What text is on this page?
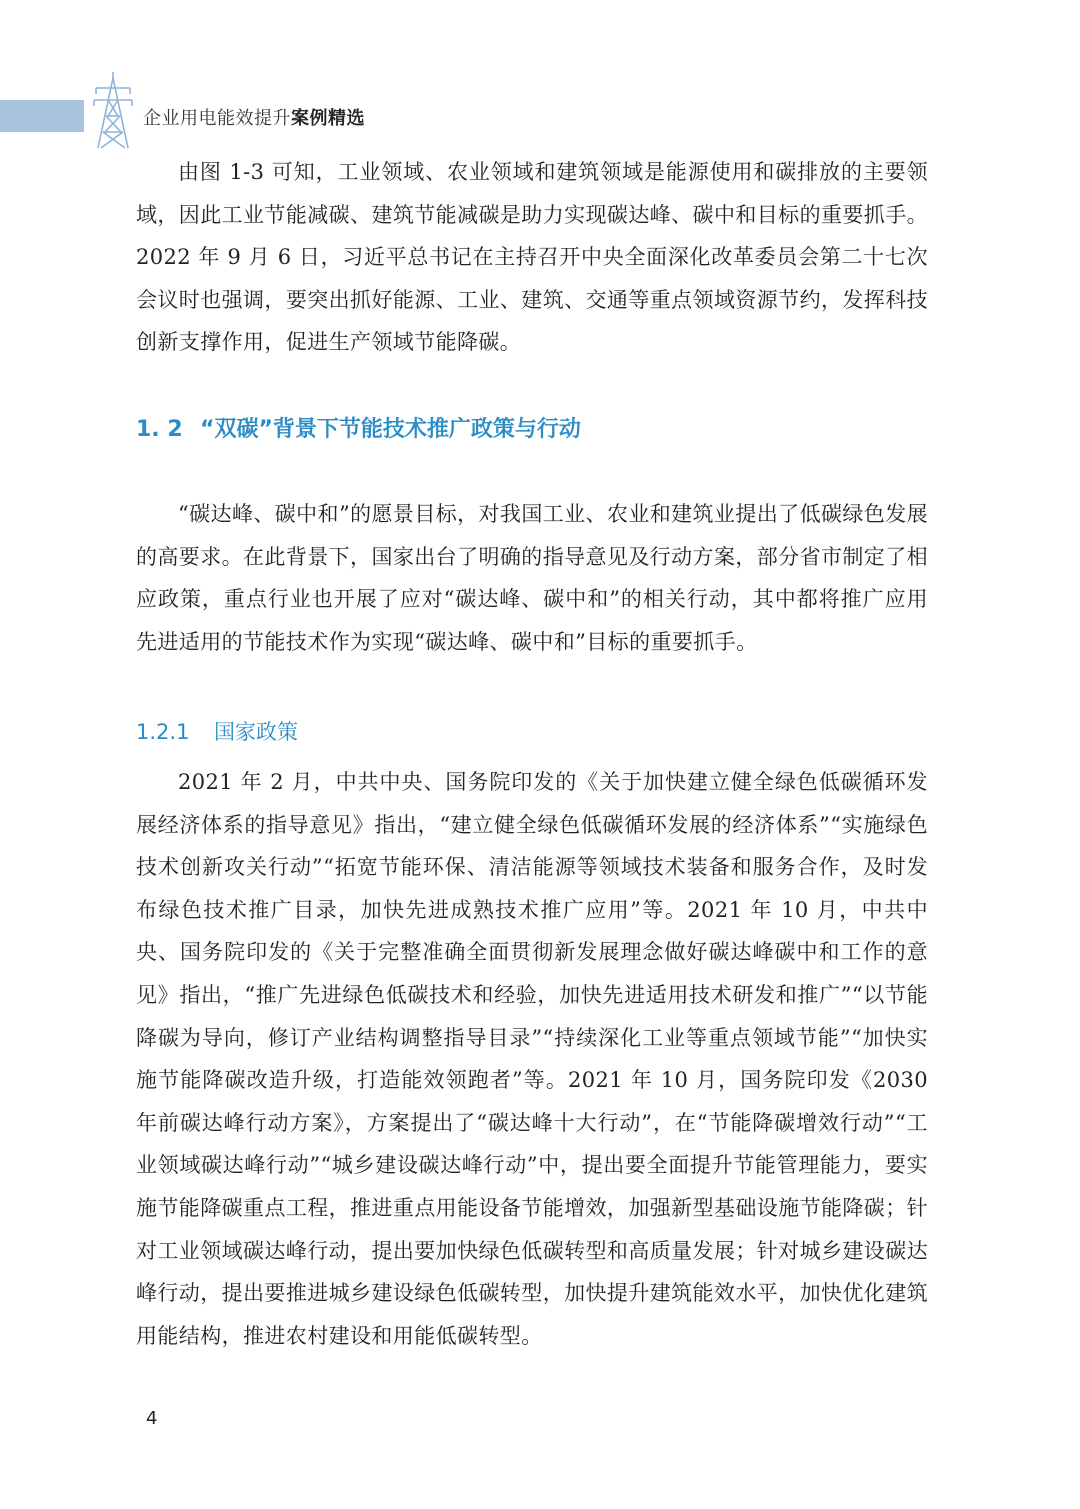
企业用电能效提升案例精选

由图 1-3 可知，工业领域、农业领域和建筑领域是能源使用和碳排放的主要领域，因此工业节能减碳、建筑节能减碳是助力实现碳达峰、碳中和目标的重要抓手。2022 年 9 月 6 日，习近平总书记在主持召开中央全面深化改革委员会第二十七次会议时也强调，要突出抓好能源、工业、建筑、交通等重点领域资源节约，发挥科技创新支撑作用，促进生产领域节能降碳。

1. 2 “双碳”背景下节能技术推广政策与行动

“碳达峰、碳中和”的愿景目标，对我国工业、农业和建筑业提出了低碳绿色发展的高要求。在此背景下，国家出台了明确的指导意见及行动方案，部分省市制定了相应政策，重点行业也开展了应对“碳达峰、碳中和”的相关行动，其中都将推广应用先进适用的节能技术作为实现“碳达峰、碳中和”目标的重要抓手。

1.2.1 国家政策

2021 年 2 月，中共中央、国务院印发的《关于加快建立健全绿色低碳循环发展经济体系的指导意见》指出，“建立健全绿色低碳循环发展的经济体系”“实施绿色技术创新攻关行动”“拓宽节能环保、清洁能源等领域技术装备和服务合作，及时发布绿色技术推广目录，加快先进成熟技术推广应用”等。2021 年 10 月，中共中央、国务院印发的《关于完整准确全面贯彻新发展理念做好碳达峰碳中和工作的意见》指出，“推广先进绿色低碳技术和经验，加快先进适用技术研发和推广”“以节能降碳为导向，修订产业结构调整指导目录”“持续深化工业等重点领域节能”“加快实施节能降碳改造升级，打造能效领跑者”等。2021 年 10 月，国务院印发《2030 年前碳达峰行动方案》，方案提出了“碳达峰十大行动”，在“节能降碳增效行动”“工业领域碳达峰行动”“城乡建设碳达峰行动”中，提出要全面提升节能管理能力，要实施节能降碳重点工程，推进重点用能设备节能增效，加强新型基础设施节能降碳；针对工业领域碳达峰行动，提出要加快绿色低碳转型和高质量发展；针对城乡建设碳达峰行动，提出要推进城乡建设绿色低碳转型，加快提升建筑能效水平，加快优化建筑用能结构，推进农村建设和用能低碳转型。

4
